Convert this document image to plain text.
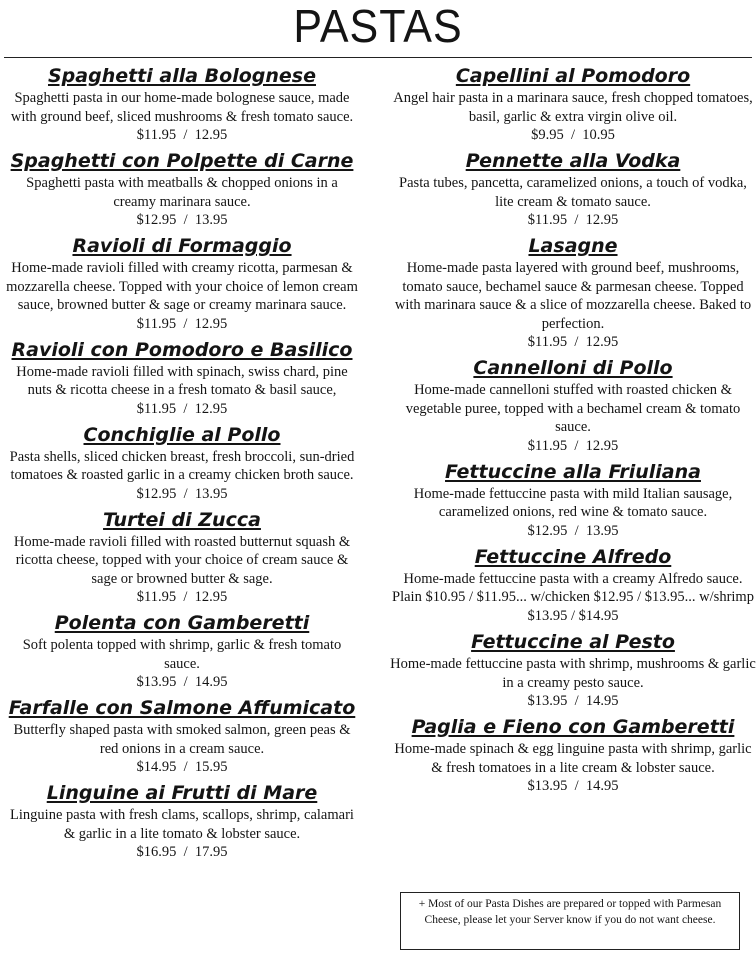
PASTAS
Spaghetti alla Bolognese
Spaghetti pasta in our home-made bolognese sauce, made with ground beef, sliced mushrooms & fresh tomato sauce.
$11.95  /  12.95
Spaghetti con Polpette di Carne
Spaghetti pasta with meatballs & chopped onions in a creamy marinara sauce.
$12.95  /  13.95
Ravioli di Formaggio
Home-made ravioli filled with creamy ricotta, parmesan & mozzarella cheese. Topped with your choice of lemon cream sauce, browned butter & sage or creamy marinara sauce.
$11.95  /  12.95
Ravioli con Pomodoro e Basilico
Home-made ravioli filled with spinach, swiss chard, pine nuts & ricotta cheese in a fresh tomato & basil sauce,
$11.95  /  12.95
Conchiglie al Pollo
Pasta shells, sliced chicken breast, fresh broccoli, sun-dried tomatoes & roasted garlic in a creamy chicken broth sauce.
$12.95  /  13.95
Turtei di Zucca
Home-made ravioli filled with roasted butternut squash & ricotta cheese, topped with your choice of cream sauce & sage or browned butter & sage.
$11.95  /  12.95
Polenta con Gamberetti
Soft polenta topped with shrimp, garlic & fresh tomato sauce.
$13.95  /  14.95
Farfalle con Salmone Affumicato
Butterfly shaped pasta with smoked salmon, green peas & red onions in a cream sauce.
$14.95  /  15.95
Linguine ai Frutti di Mare
Linguine pasta with fresh clams, scallops, shrimp, calamari & garlic in a lite tomato & lobster sauce.
$16.95  /  17.95
Capellini al Pomodoro
Angel hair pasta in a marinara sauce, fresh chopped tomatoes, basil, garlic & extra virgin olive oil.
$9.95  /  10.95
Pennette alla Vodka
Pasta tubes, pancetta, caramelized onions, a touch of vodka, lite cream & tomato sauce.
$11.95  /  12.95
Lasagne
Home-made pasta layered with ground beef, mushrooms, tomato sauce, bechamel sauce & parmesan cheese. Topped with marinara sauce & a slice of mozzarella cheese. Baked to perfection.
$11.95  /  12.95
Cannelloni di Pollo
Home-made cannelloni stuffed with roasted chicken & vegetable puree, topped with a bechamel cream & tomato sauce.
$11.95  /  12.95
Fettuccine alla Friuliana
Home-made fettuccine pasta with mild Italian sausage, caramelized onions, red wine & tomato sauce.
$12.95  /  13.95
Fettuccine Alfredo
Home-made fettuccine pasta with a creamy Alfredo sauce. Plain $10.95 / $11.95... w/chicken $12.95 / $13.95... w/shrimp $13.95 / $14.95
Fettuccine al Pesto
Home-made fettuccine pasta with shrimp, mushrooms & garlic in a creamy pesto sauce.
$13.95  /  14.95
Paglia e Fieno con Gamberetti
Home-made spinach & egg linguine pasta with shrimp, garlic & fresh tomatoes in a lite cream & lobster sauce.
$13.95  /  14.95
+ Most of our Pasta Dishes are prepared or topped with Parmesan Cheese, please let your Server know if you do not want cheese.
